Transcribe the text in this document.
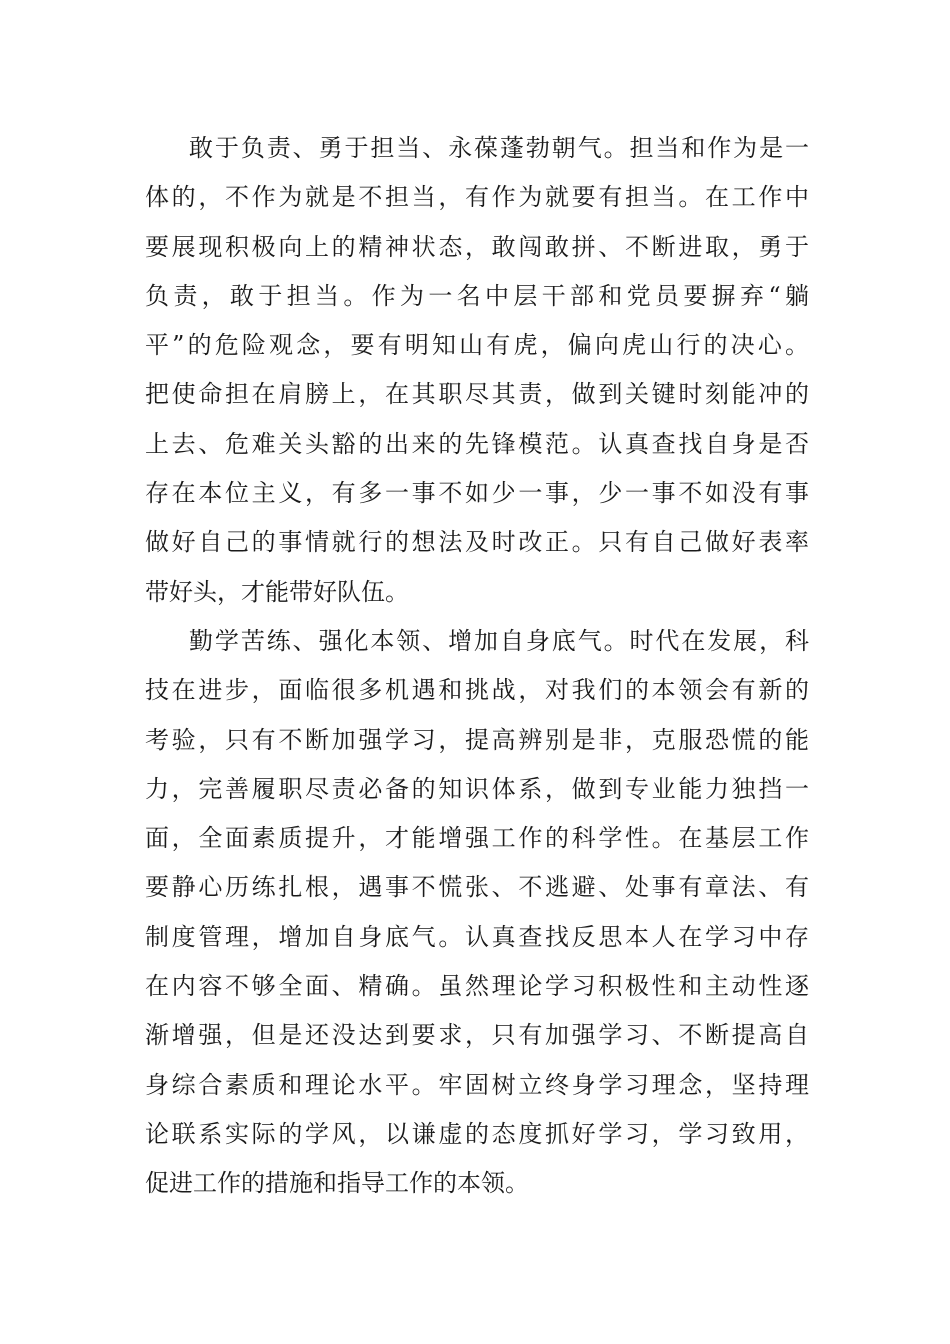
敢于负责、勇于担当、永葆蓬勃朝气。担当和作为是一
体的，不作为就是不担当，有作为就要有担当。在工作中
要展现积极向上的精神状态，敢闯敢拼、不断进取，勇于
负责，敢于担当。作为一名中层干部和党员要摒弃“躺
平”的危险观念，要有明知山有虎，偏向虎山行的决心。
把使命担在肩膀上，在其职尽其责，做到关键时刻能冲的
上去、危难关头豁的出来的先锋模范。认真查找自身是否
存在本位主义，有多一事不如少一事，少一事不如没有事
做好自己的事情就行的想法及时改正。只有自己做好表率
带好头，才能带好队伍。
勤学苦练、强化本领、增加自身底气。时代在发展，科
技在进步，面临很多机遇和挑战，对我们的本领会有新的
考验，只有不断加强学习，提高辨别是非，克服恐慌的能
力，完善履职尽责必备的知识体系，做到专业能力独挡一
面，全面素质提升，才能增强工作的科学性。在基层工作
要静心历练扎根，遇事不慌张、不逃避、处事有章法、有
制度管理，增加自身底气。认真查找反思本人在学习中存
在内容不够全面、精确。虽然理论学习积极性和主动性逐
渐增强，但是还没达到要求，只有加强学习、不断提高自
身综合素质和理论水平。牢固树立终身学习理念，坚持理
论联系实际的学风，以谦虚的态度抓好学习，学习致用，
促进工作的措施和指导工作的本领。
